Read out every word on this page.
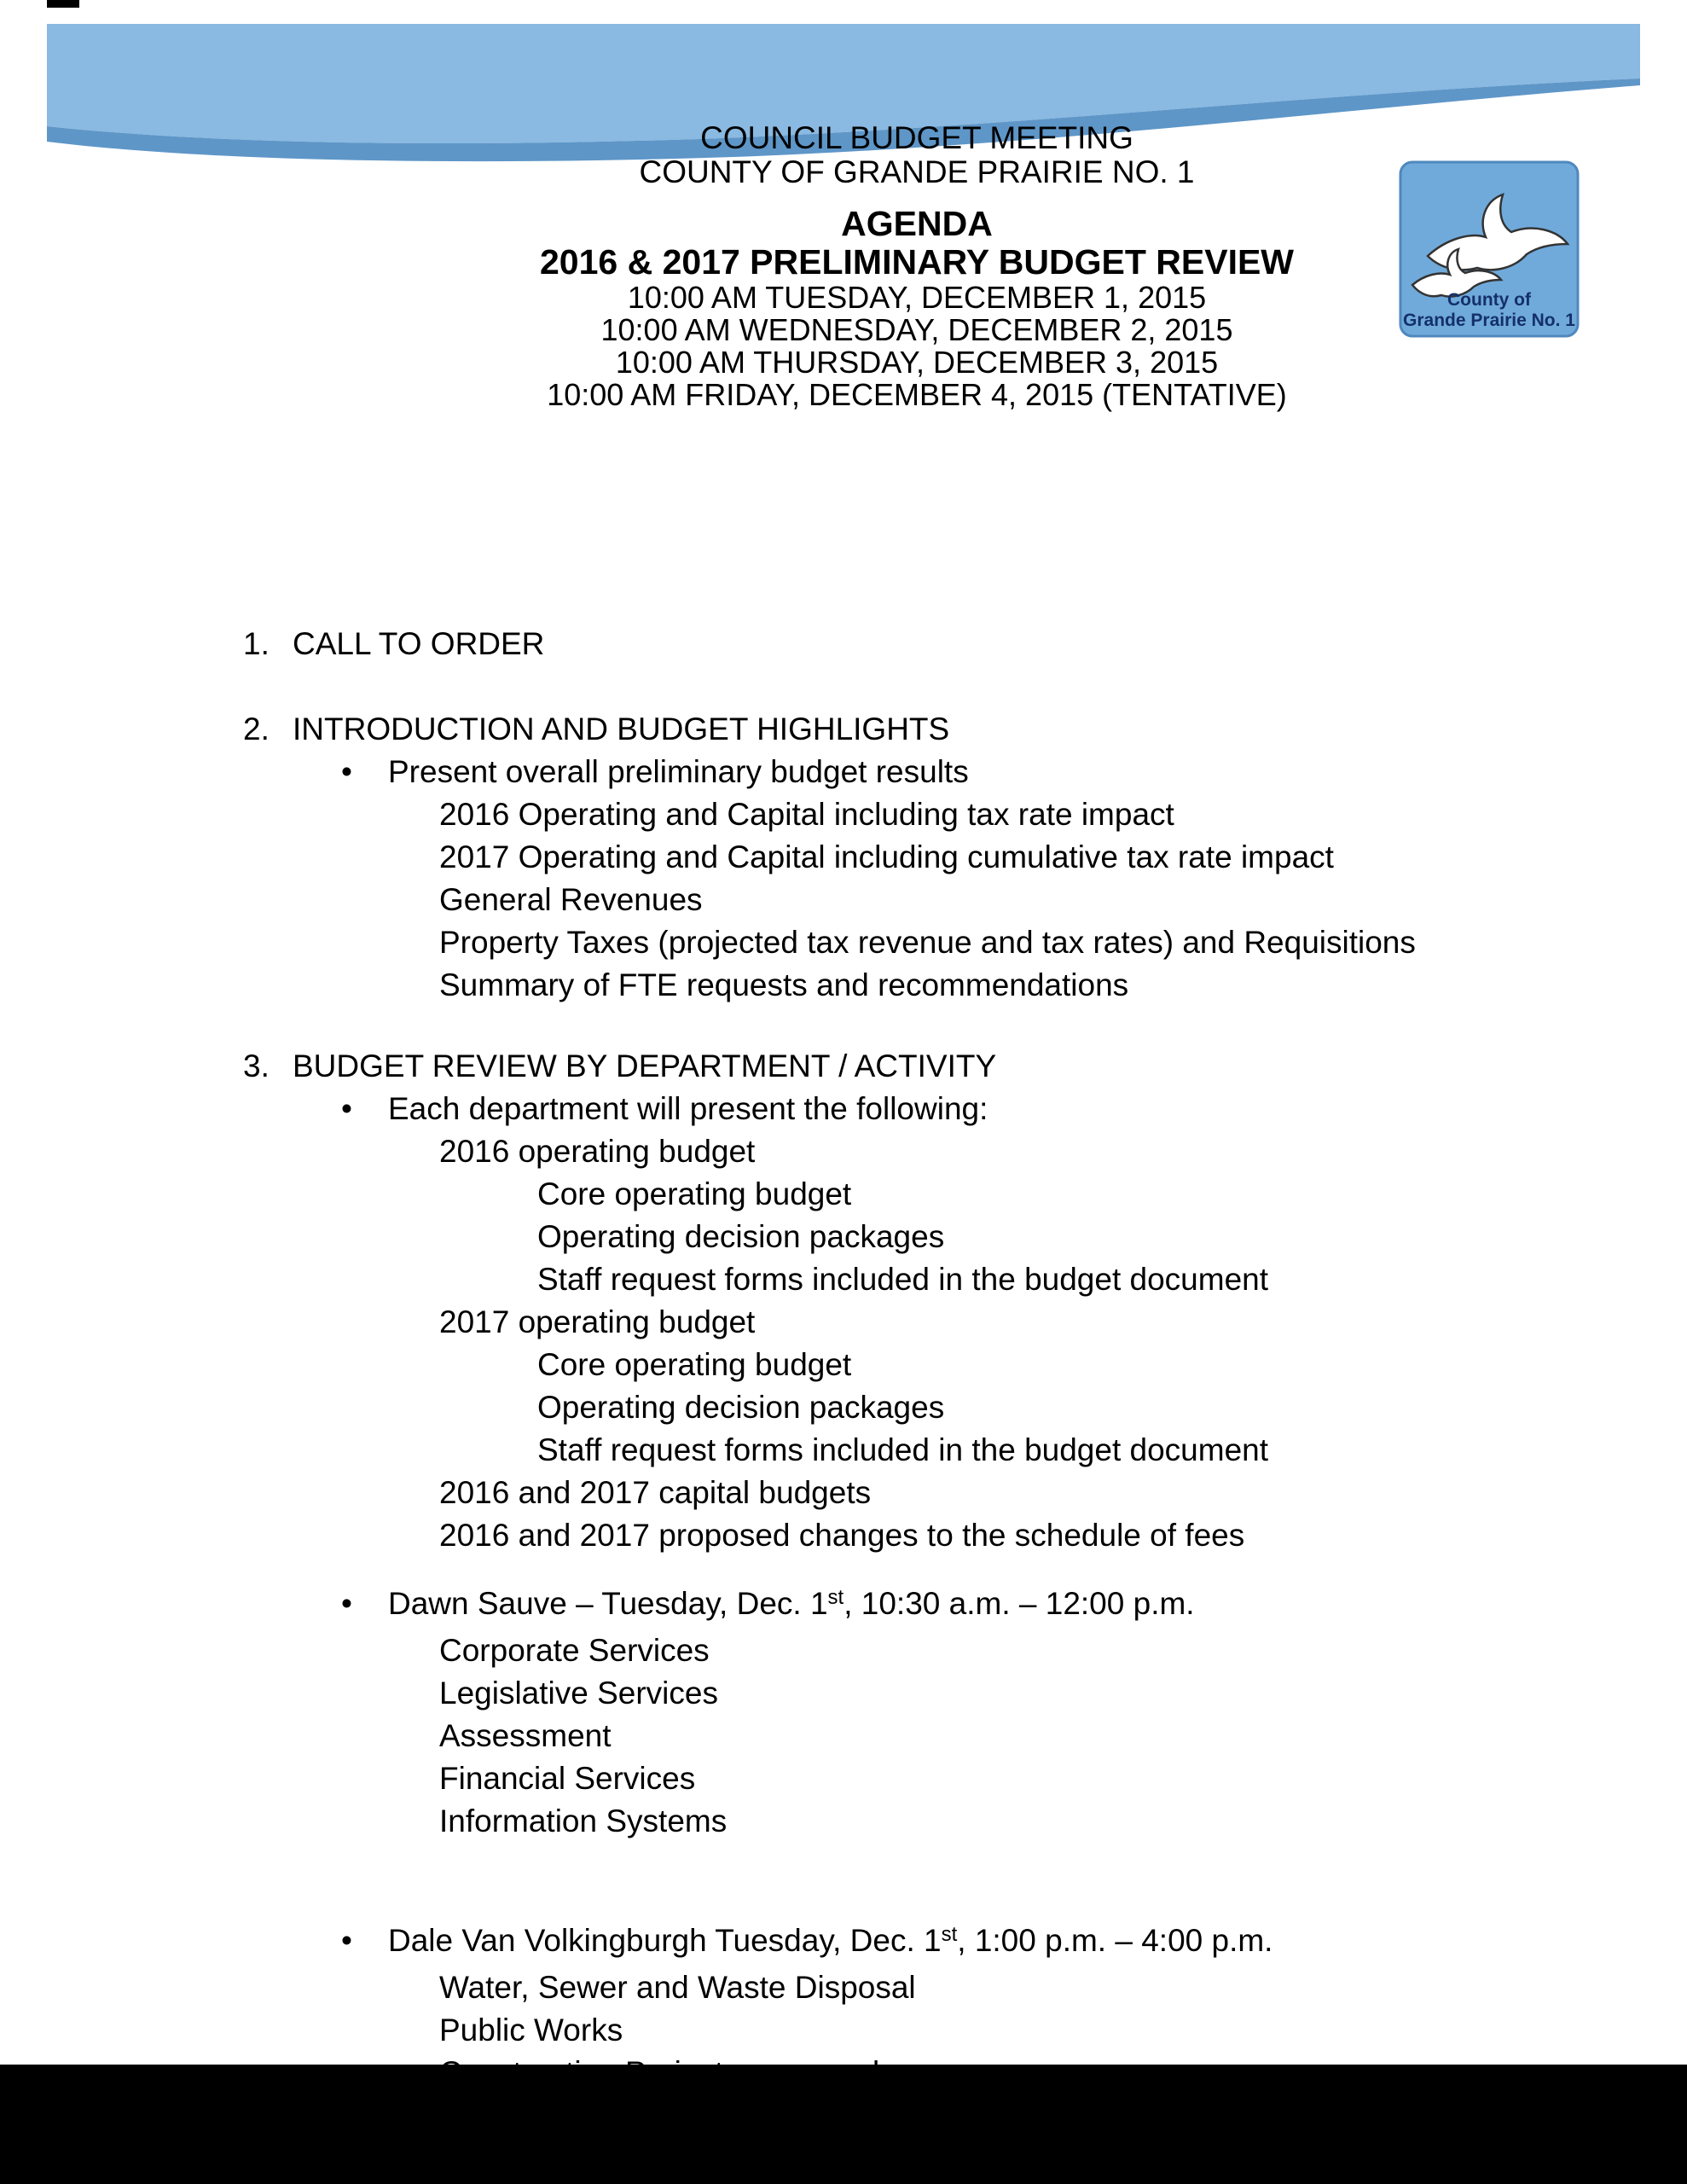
County of
Grande Prairie No. 1
COUNCIL BUDGET MEETING
COUNTY OF GRANDE PRAIRIE NO. 1
AGENDA
2016 & 2017 PRELIMINARY BUDGET REVIEW
10:00 AM TUESDAY, DECEMBER 1, 2015
10:00 AM WEDNESDAY, DECEMBER 2, 2015
10:00 AM THURSDAY, DECEMBER 3, 2015
10:00 AM FRIDAY, DECEMBER 4, 2015 (TENTATIVE)
1. CALL TO ORDER
2. INTRODUCTION AND BUDGET HIGHLIGHTS
•	Present overall preliminary budget results
2016 Operating and Capital including tax rate impact
2017 Operating and Capital including cumulative tax rate impact
General Revenues
Property Taxes (projected tax revenue and tax rates) and Requisitions
Summary of FTE requests and recommendations
3. BUDGET REVIEW BY DEPARTMENT / ACTIVITY
•	Each department will present the following:
2016 operating budget
Core operating budget
Operating decision packages
Staff request forms included in the budget document
2017 operating budget
Core operating budget
Operating decision packages
Staff request forms included in the budget document
2016 and 2017 capital budgets
2016 and 2017 proposed changes to the schedule of fees
•	Dawn Sauve – Tuesday, Dec. 1st, 10:30 a.m. – 12:00 p.m.
Corporate Services
Legislative Services
Assessment
Financial Services
Information Systems
•	Dale Van Volkingburgh Tuesday, Dec. 1st, 1:00 p.m. – 4:00 p.m.
Water, Sewer and Waste Disposal
Public Works
